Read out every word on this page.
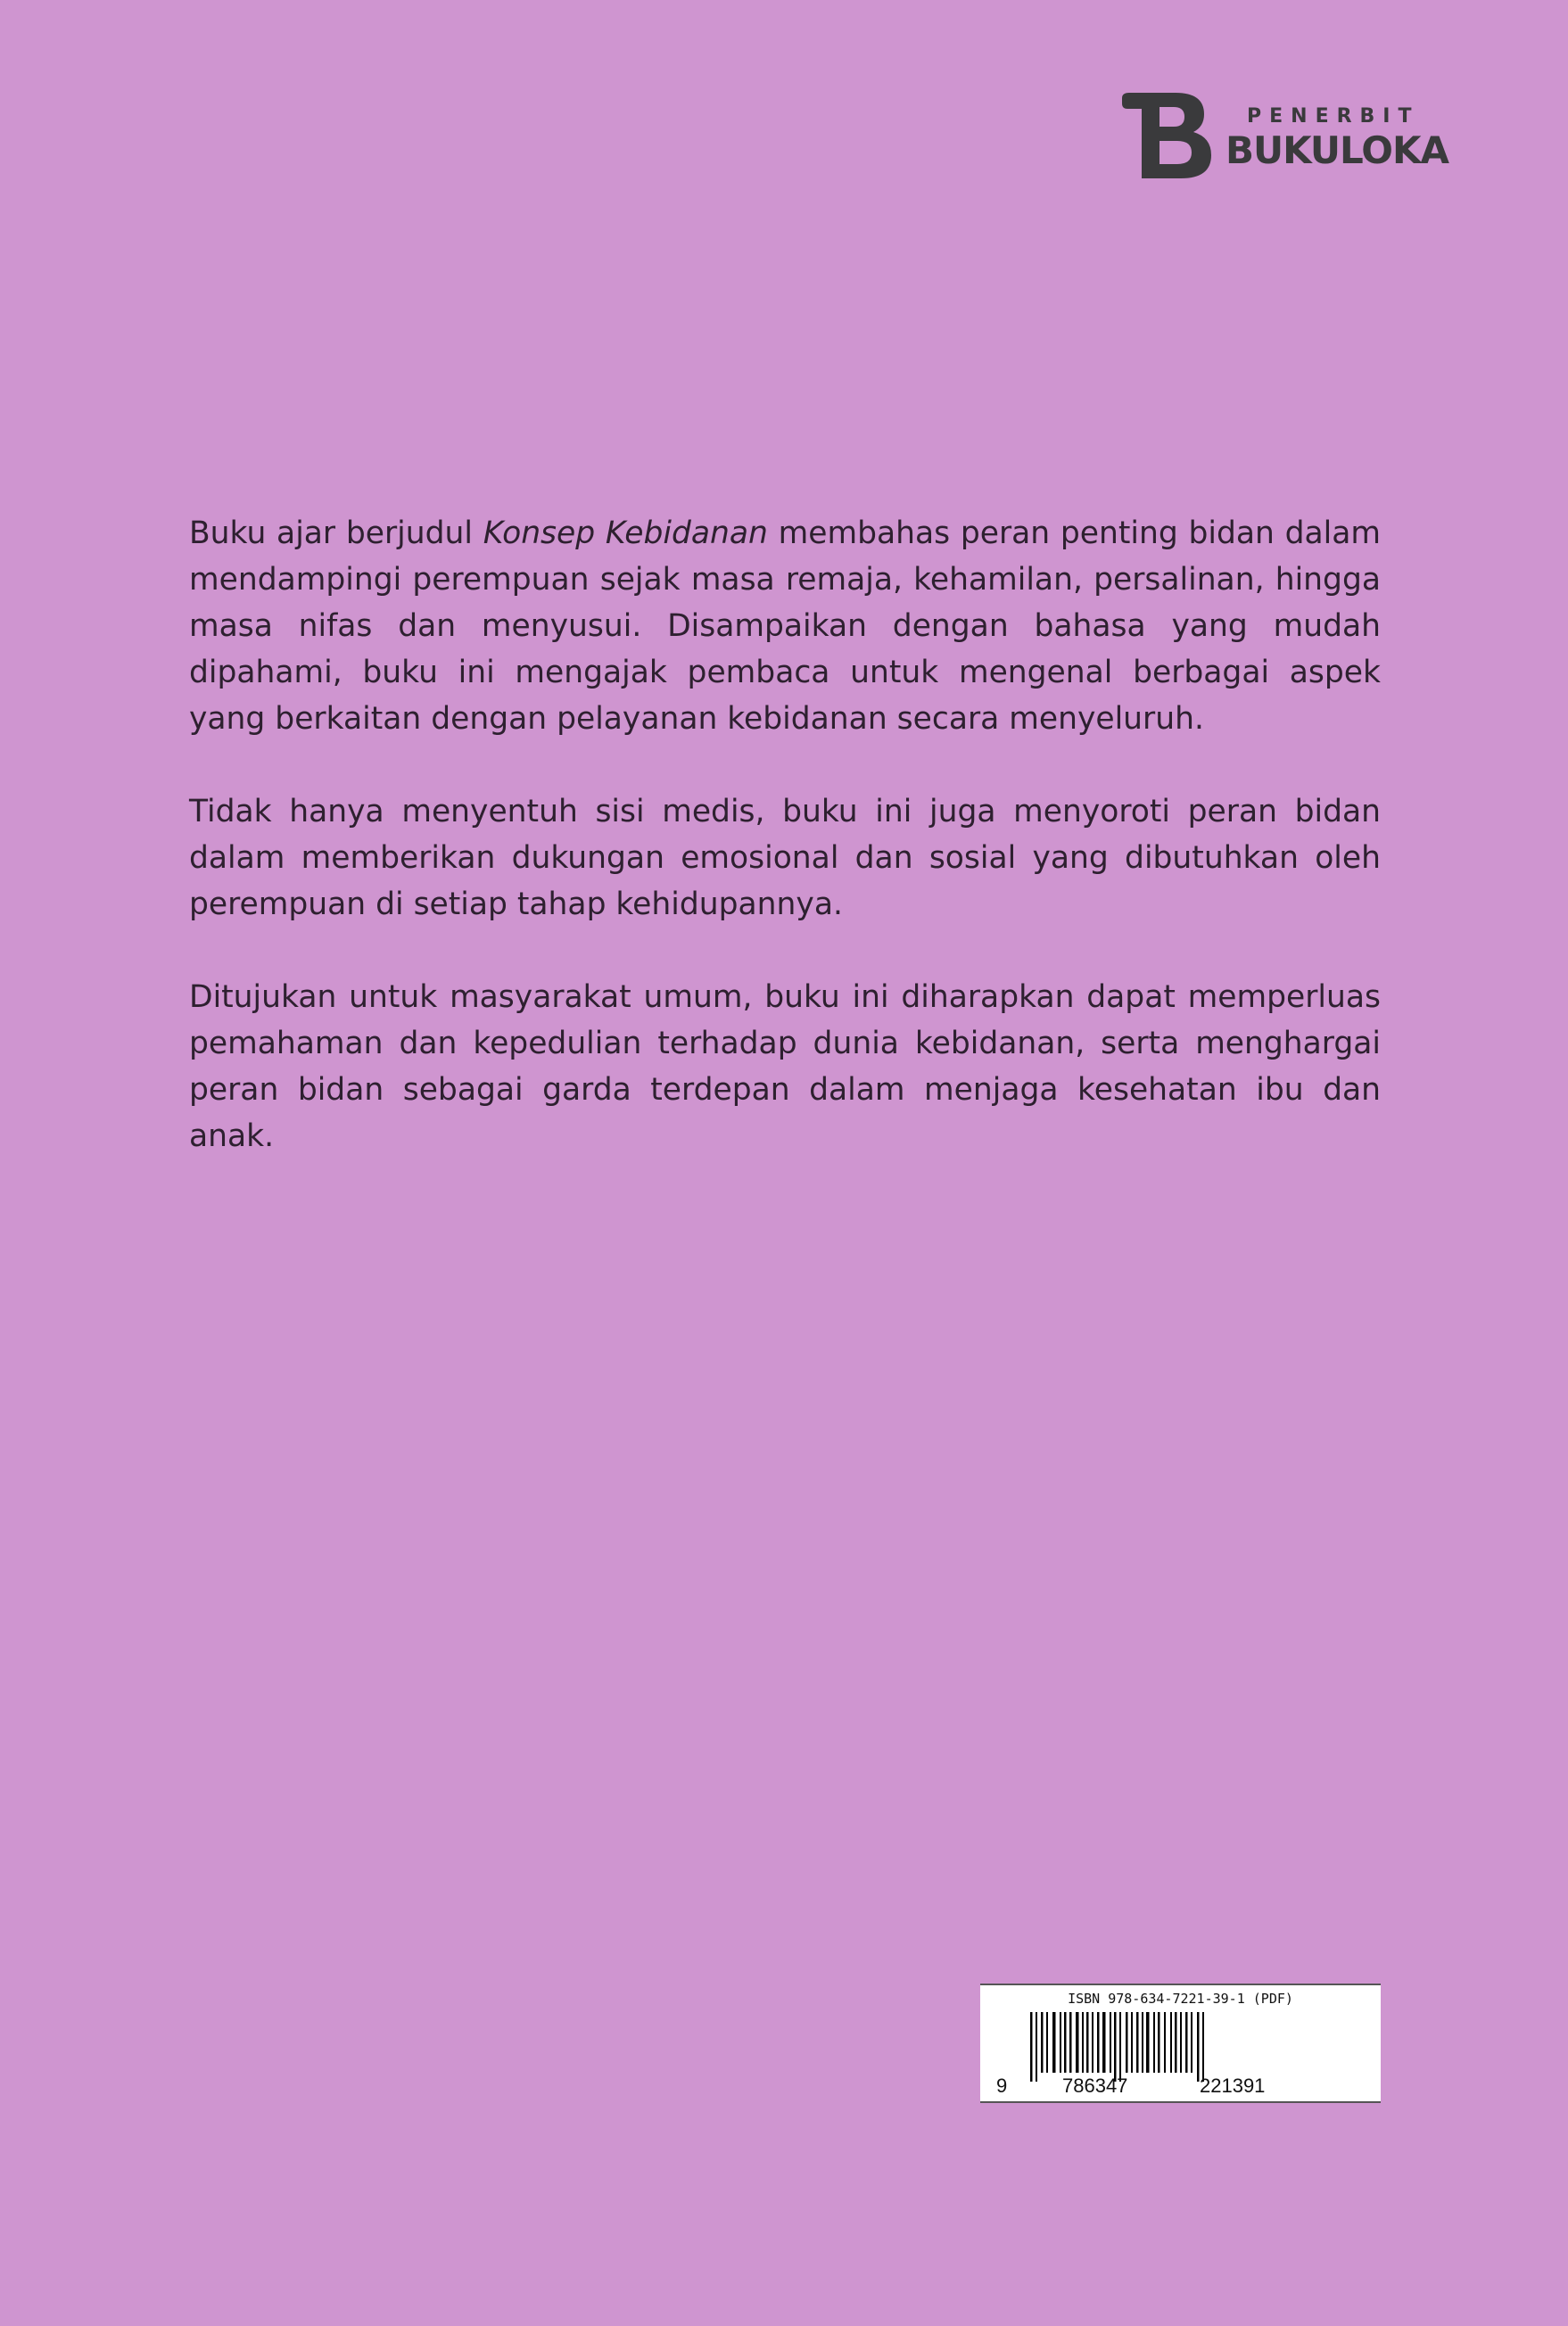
PENERBIT
BUKULOKA

Buku ajar berjudul Konsep Kebidanan membahas peran penting bidan dalam mendampingi perempuan sejak masa remaja, kehamilan, persalinan, hingga masa nifas dan menyusui. Disampaikan dengan bahasa yang mudah dipahami, buku ini mengajak pembaca untuk mengenal berbagai aspek yang berkaitan dengan pelayanan kebidanan secara menyeluruh.

Tidak hanya menyentuh sisi medis, buku ini juga menyoroti peran bidan dalam memberikan dukungan emosional dan sosial yang dibutuhkan oleh perempuan di setiap tahap kehidupannya.

Ditujukan untuk masyarakat umum, buku ini diharapkan dapat memperluas pemahaman dan kepedulian terhadap dunia kebidanan, serta menghargai peran bidan sebagai garda terdepan dalam menjaga kesehatan ibu dan anak.

ISBN 978-634-7221-39-1 (PDF)
9	786347	221391
